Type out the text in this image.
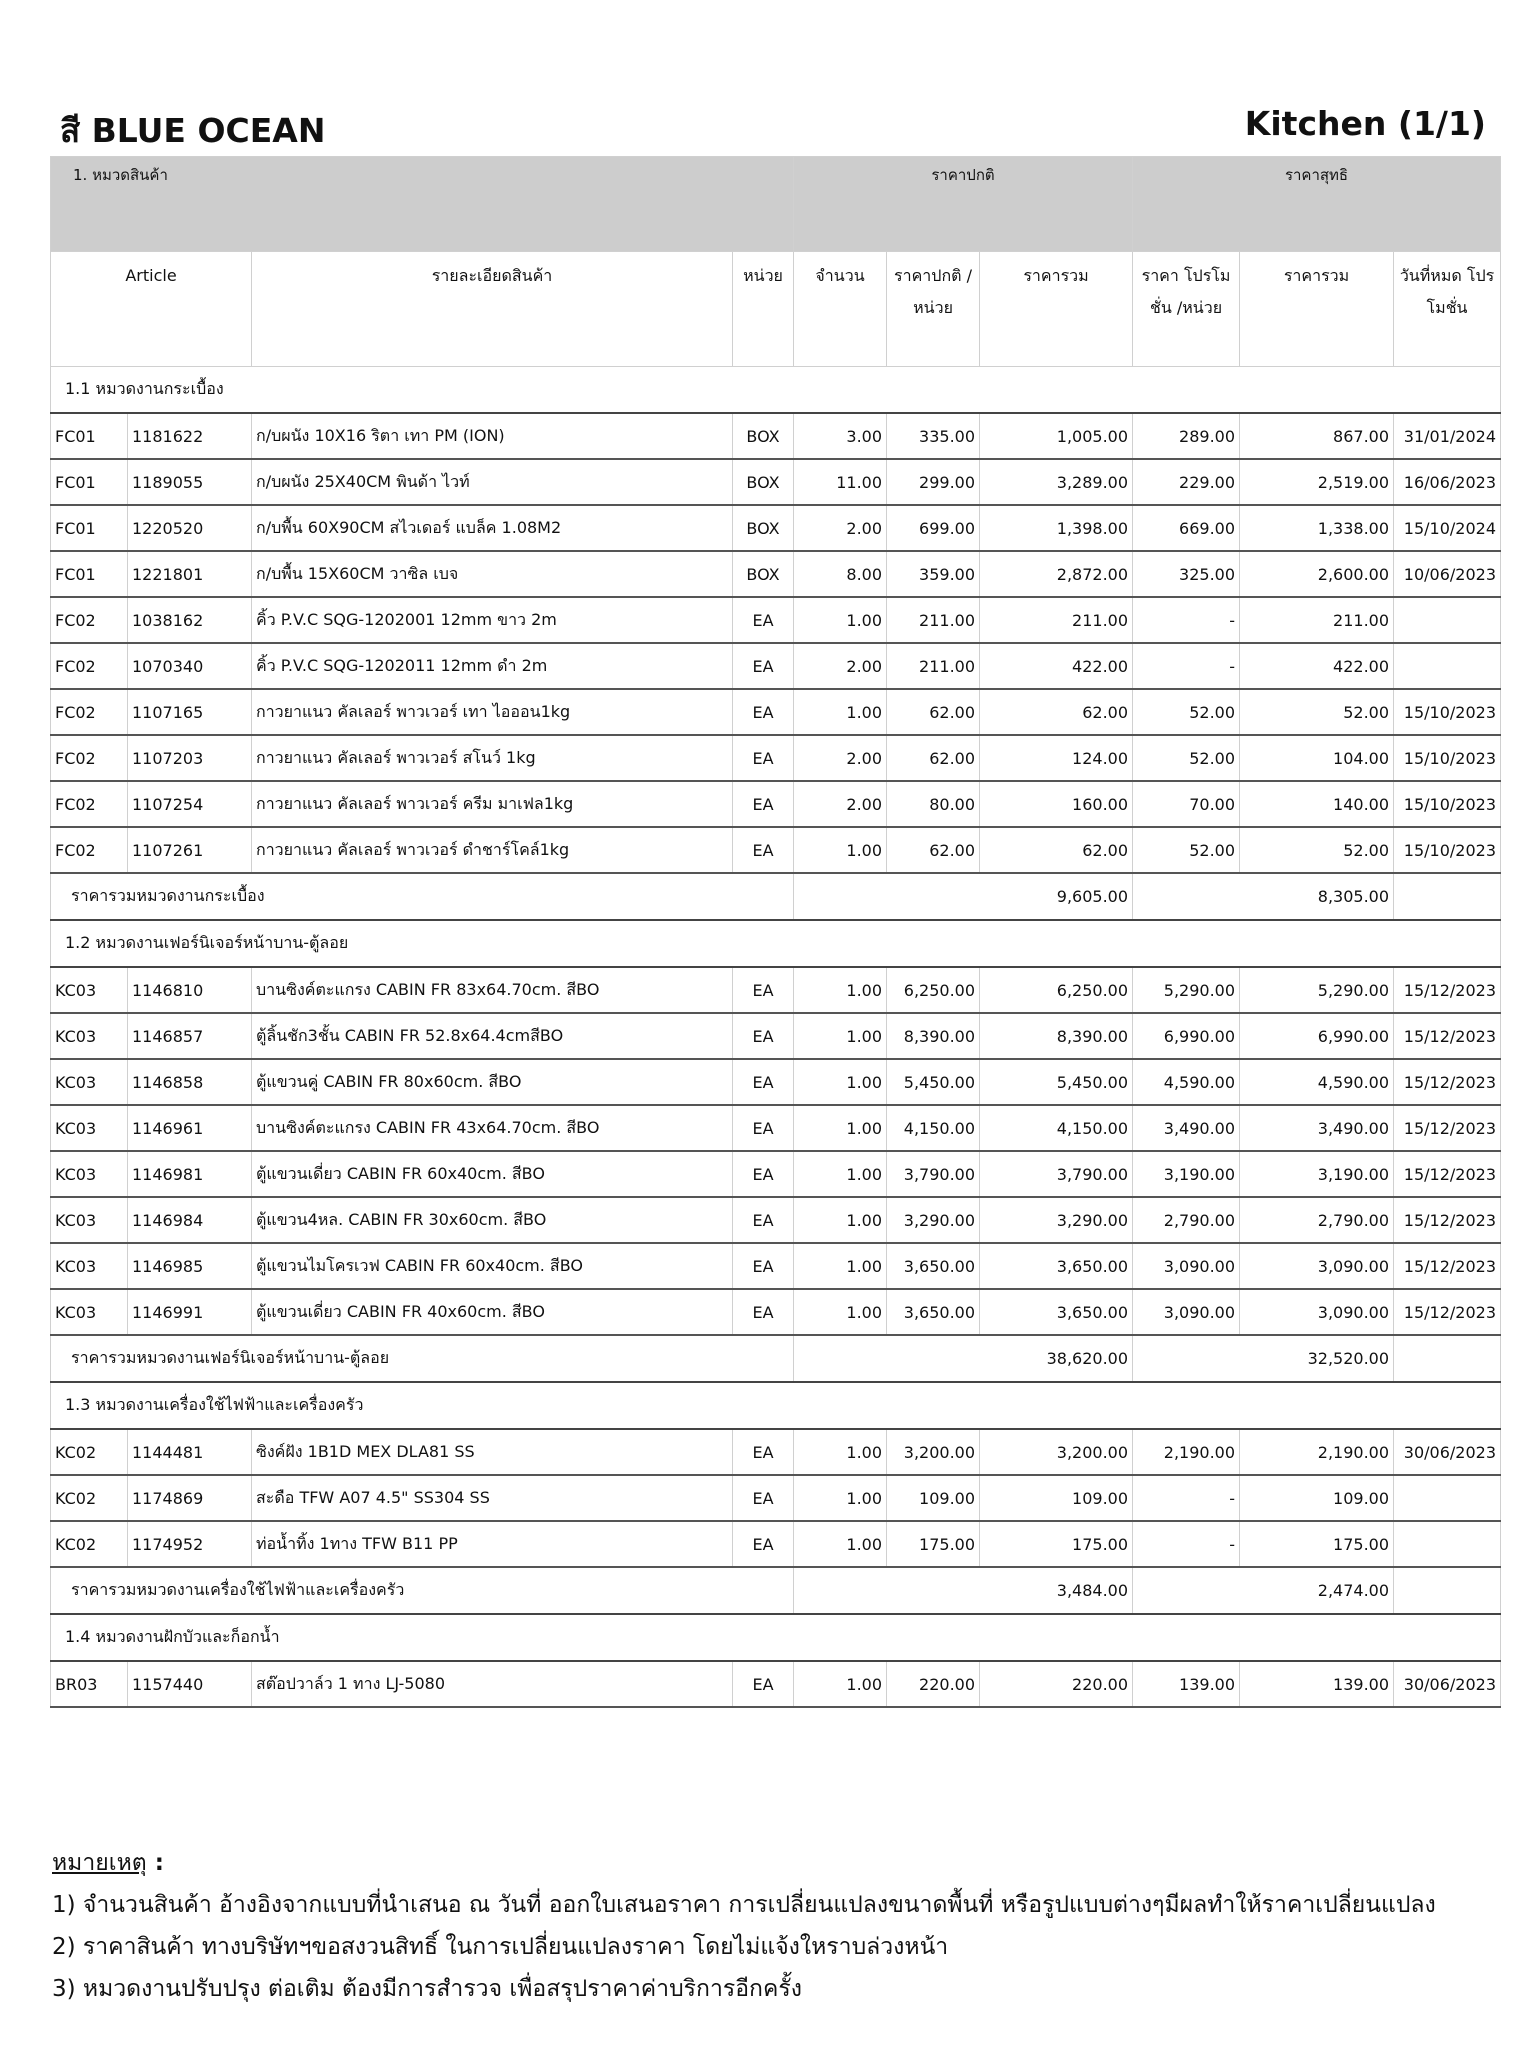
สี BLUE OCEAN	Kitchen (1/1)
1. หมวดสินค้า				ราคาปกติ			ราคาสุทธิ		
Article		รายละเอียดสินค้า	หน่วย	จำนวน	ราคาปกติ /หน่วย	ราคารวม	ราคา โปรโมชั่น /หน่วย	ราคารวม	วันที่หมด โปรโมชั่น
1.1 หมวดงานกระเบื้อง									
FC01	1181622	ก/บผนัง 10X16 ริตา เทา PM (ION)	BOX	3.00	335.00	1,005.00	289.00	867.00	31/01/2024
FC01	1189055	ก/บผนัง 25X40CM พินด้า ไวท์	BOX	11.00	299.00	3,289.00	229.00	2,519.00	16/06/2023
FC01	1220520	ก/บพื้น 60X90CM สไวเดอร์ แบล็ค 1.08M2	BOX	2.00	699.00	1,398.00	669.00	1,338.00	15/10/2024
FC01	1221801	ก/บพื้น 15X60CM วาซิล เบจ	BOX	8.00	359.00	2,872.00	325.00	2,600.00	10/06/2023
FC02	1038162	คิ้ว P.V.C SQG-1202001 12mm ขาว 2m	EA	1.00	211.00	211.00	-	211.00	
FC02	1070340	คิ้ว P.V.C SQG-1202011 12mm ดำ 2m	EA	2.00	211.00	422.00	-	422.00	
FC02	1107165	กาวยาแนว คัลเลอร์ พาวเวอร์ เทา ไอออน1kg	EA	1.00	62.00	62.00	52.00	52.00	15/10/2023
FC02	1107203	กาวยาแนว คัลเลอร์ พาวเวอร์ สโนว์ 1kg	EA	2.00	62.00	124.00	52.00	104.00	15/10/2023
FC02	1107254	กาวยาแนว คัลเลอร์ พาวเวอร์ ครีม มาเฟล1kg	EA	2.00	80.00	160.00	70.00	140.00	15/10/2023
FC02	1107261	กาวยาแนว คัลเลอร์ พาวเวอร์ ดำชาร์โคล์1kg	EA	1.00	62.00	62.00	52.00	52.00	15/10/2023
ราคารวมหมวดงานกระเบื้อง				9,605.00			8,305.00		
1.2 หมวดงานเฟอร์นิเจอร์หน้าบาน-ตู้ลอย									
KC03	1146810	บานซิงค์ตะแกรง CABIN FR 83x64.70cm. สีBO	EA	1.00	6,250.00	6,250.00	5,290.00	5,290.00	15/12/2023
KC03	1146857	ตู้ลิ้นชัก3ชั้น CABIN FR 52.8x64.4cmสีBO	EA	1.00	8,390.00	8,390.00	6,990.00	6,990.00	15/12/2023
KC03	1146858	ตู้แขวนคู่ CABIN FR 80x60cm. สีBO	EA	1.00	5,450.00	5,450.00	4,590.00	4,590.00	15/12/2023
KC03	1146961	บานซิงค์ตะแกรง CABIN FR 43x64.70cm. สีBO	EA	1.00	4,150.00	4,150.00	3,490.00	3,490.00	15/12/2023
KC03	1146981	ตู้แขวนเดี่ยว CABIN FR 60x40cm. สีBO	EA	1.00	3,790.00	3,790.00	3,190.00	3,190.00	15/12/2023
KC03	1146984	ตู้แขวน4หล. CABIN FR 30x60cm. สีBO	EA	1.00	3,290.00	3,290.00	2,790.00	2,790.00	15/12/2023
KC03	1146985	ตู้แขวนไมโครเวฟ CABIN FR 60x40cm. สีBO	EA	1.00	3,650.00	3,650.00	3,090.00	3,090.00	15/12/2023
KC03	1146991	ตู้แขวนเดี่ยว CABIN FR 40x60cm. สีBO	EA	1.00	3,650.00	3,650.00	3,090.00	3,090.00	15/12/2023
ราคารวมหมวดงานเฟอร์นิเจอร์หน้าบาน-ตู้ลอย				38,620.00			32,520.00		
1.3 หมวดงานเครื่องใช้ไฟฟ้าและเครื่องครัว									
KC02	1144481	ซิงค์ฝัง 1B1D MEX DLA81 SS	EA	1.00	3,200.00	3,200.00	2,190.00	2,190.00	30/06/2023
KC02	1174869	สะดือ TFW A07 4.5" SS304 SS	EA	1.00	109.00	109.00	-	109.00	
KC02	1174952	ท่อน้ำทิ้ง 1ทาง TFW B11 PP	EA	1.00	175.00	175.00	-	175.00	
ราคารวมหมวดงานเครื่องใช้ไฟฟ้าและเครื่องครัว				3,484.00			2,474.00		
1.4 หมวดงานฝักบัวและก็อกน้ำ									
BR03	1157440	สต๊อปวาล์ว 1 ทาง LJ-5080	EA	1.00	220.00	220.00	139.00	139.00	30/06/2023
หมายเหตุ :
1) จำนวนสินค้า อ้างอิงจากแบบที่นำเสนอ ณ วันที่ ออกใบเสนอราคา การเปลี่ยนแปลงขนาดพื้นที่ หรือรูปแบบต่างๆมีผลทำให้ราคาเปลี่ยนแปลง
2) ราคาสินค้า ทางบริษัทฯขอสงวนสิทธิ์ ในการเปลี่ยนแปลงราคา โดยไม่แจ้งใหราบล่วงหน้า
3) หมวดงานปรับปรุง ต่อเติม ต้องมีการสำรวจ เพื่อสรุปราคาค่าบริการอีกครั้ง
